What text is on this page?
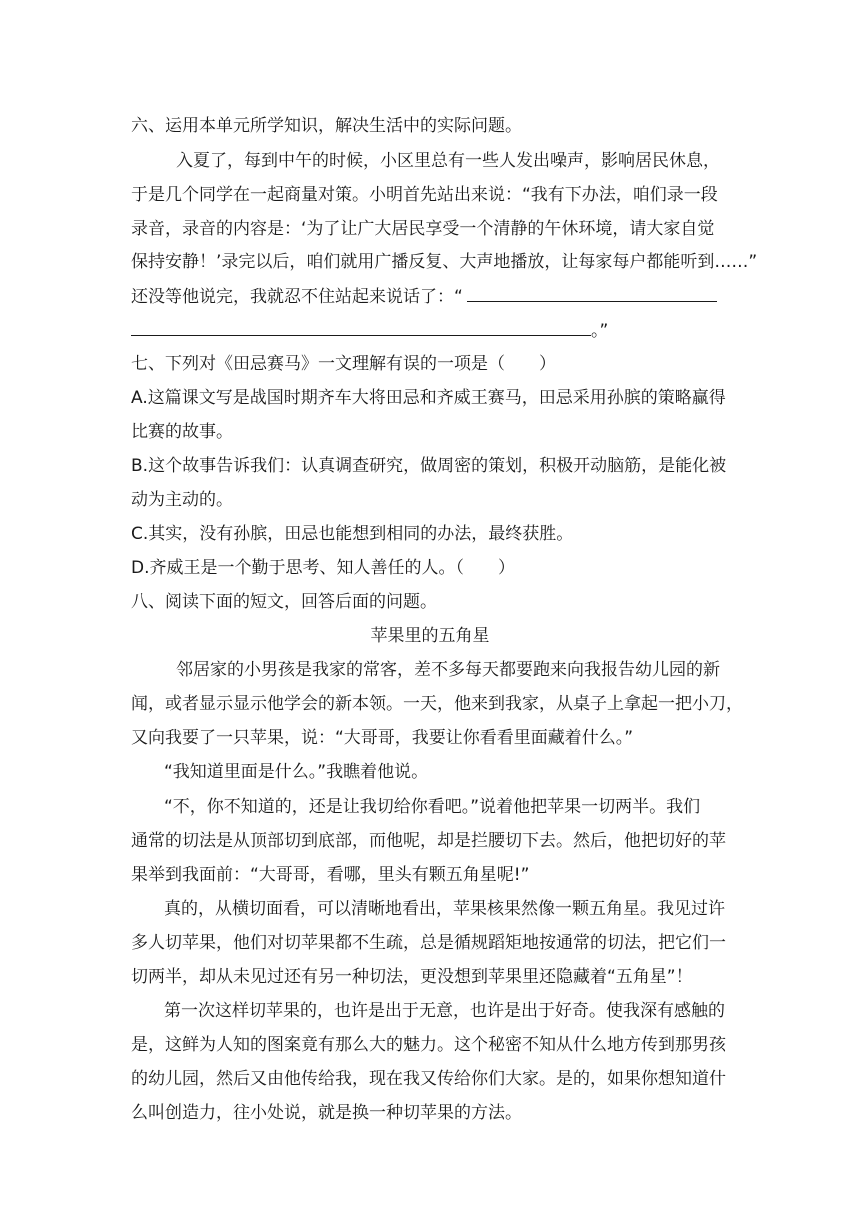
六、运用本单元所学知识，解决生活中的实际问题。
入夏了，每到中午的时候，小区里总有一些人发出噪声，影响居民休息，
于是几个同学在一起商量对策。小明首先站出来说：“我有下办法，咱们录一段
录音，录音的内容是：‘为了让广大居民享受一个清静的午休环境，请大家自觉
保持安静！’录完以后，咱们就用广播反复、大声地播放，让每家每户都能听到……”
还没等他说完，我就忍不住站起来说话了：“
。”
七、下列对《田忌赛马》一文理解有误的一项是（　　）
A.这篇课文写是战国时期齐车大将田忌和齐威王赛马，田忌采用孙膑的策略赢得
比赛的故事。
B.这个故事告诉我们：认真调查研究，做周密的策划，积极开动脑筋，是能化被
动为主动的。
C.其实，没有孙膑，田忌也能想到相同的办法，最终获胜。
D.齐威王是一个勤于思考、知人善任的人。（　　）
八、阅读下面的短文，回答后面的问题。
苹果里的五角星
邻居家的小男孩是我家的常客，差不多每天都要跑来向我报告幼儿园的新
闻，或者显示显示他学会的新本领。一天，他来到我家，从桌子上拿起一把小刀，
又向我要了一只苹果，说：“大哥哥，我要让你看看里面藏着什么。”
“我知道里面是什么。”我瞧着他说。
“不，你不知道的，还是让我切给你看吧。”说着他把苹果一切两半。我们
通常的切法是从顶部切到底部，而他呢，却是拦腰切下去。然后，他把切好的苹
果举到我面前：“大哥哥，看哪，里头有颗五角星呢!”
真的，从横切面看，可以清晰地看出，苹果核果然像一颗五角星。我见过许
多人切苹果，他们对切苹果都不生疏，总是循规蹈矩地按通常的切法，把它们一
切两半，却从未见过还有另一种切法，更没想到苹果里还隐藏着“五角星”！
第一次这样切苹果的，也许是出于无意，也许是出于好奇。使我深有感触的
是，这鲜为人知的图案竟有那么大的魅力。这个秘密不知从什么地方传到那男孩
的幼儿园，然后又由他传给我，现在我又传给你们大家。是的，如果你想知道什
么叫创造力，往小处说，就是换一种切苹果的方法。
